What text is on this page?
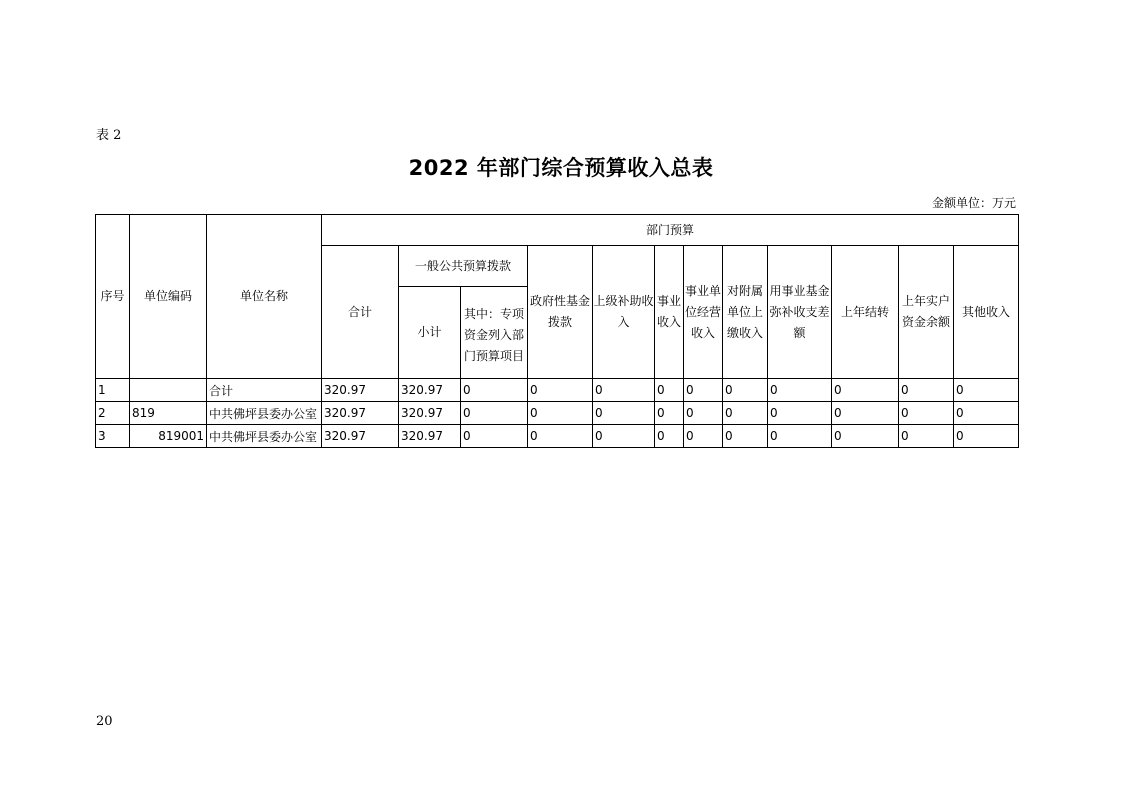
表 2
2022 年部门综合预算收入总表
金额单位：万元
序号	单位编码	单位名称	部门预算											
			合计	一般公共预算拨款		政府性基金拨款	上级补助收入	事业收入	事业单位经营收入	对附属单位上缴收入	用事业基金弥补收支差额	上年结转	上年实户资金余额	其他收入
				小计	其中：专项资金列入部门预算项目									
1		合计	320.97	320.97	0	0	0	0	0	0	0	0	0	0
2	819	中共佛坪县委办公室	320.97	320.97	0	0	0	0	0	0	0	0	0	0
3	819001	中共佛坪县委办公室	320.97	320.97	0	0	0	0	0	0	0	0	0	0
20
